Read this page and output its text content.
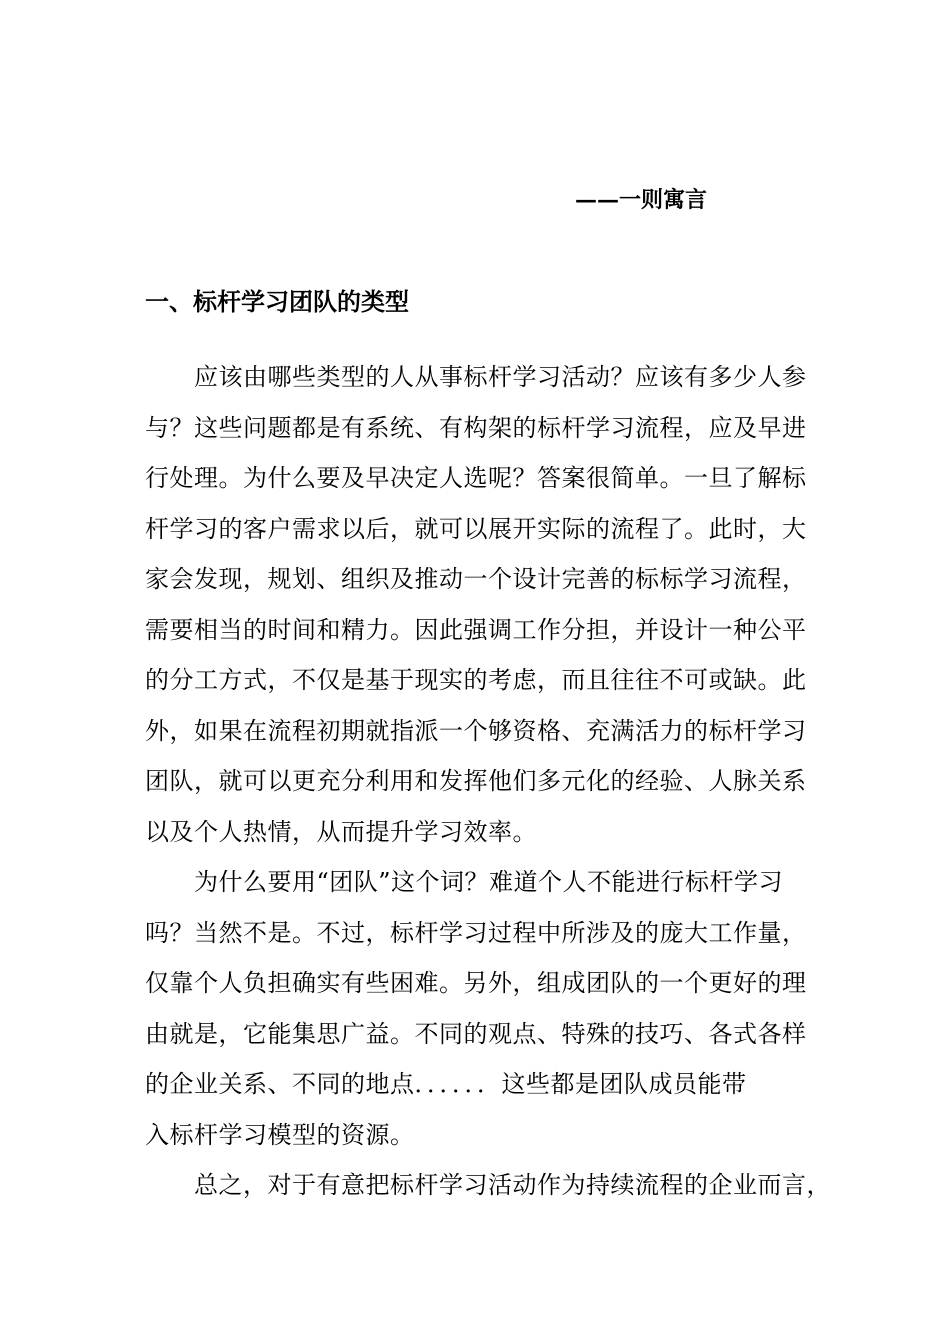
——一则寓言
一、标杆学习团队的类型
　　应该由哪些类型的人从事标杆学习活动？应该有多少人参
与？这些问题都是有系统、有构架的标杆学习流程，应及早进
行处理。为什么要及早决定人选呢？答案很简单。一旦了解标
杆学习的客户需求以后，就可以展开实际的流程了。此时，大
家会发现，规划、组织及推动一个设计完善的标标学习流程，
需要相当的时间和精力。因此强调工作分担，并设计一种公平
的分工方式，不仅是基于现实的考虑，而且往往不可或缺。此
外，如果在流程初期就指派一个够资格、充满活力的标杆学习
团队，就可以更充分利用和发挥他们多元化的经验、人脉关系
以及个人热情，从而提升学习效率。
　　为什么要用“团队”这个词？难道个人不能进行标杆学习
吗？当然不是。不过，标杆学习过程中所涉及的庞大工作量，
仅靠个人负担确实有些困难。另外，组成团队的一个更好的理
由就是，它能集思广益。不同的观点、特殊的技巧、各式各样
的企业关系、不同的地点．．．．．．这些都是团队成员能带
入标杆学习模型的资源。
　　总之，对于有意把标杆学习活动作为持续流程的企业而言，
